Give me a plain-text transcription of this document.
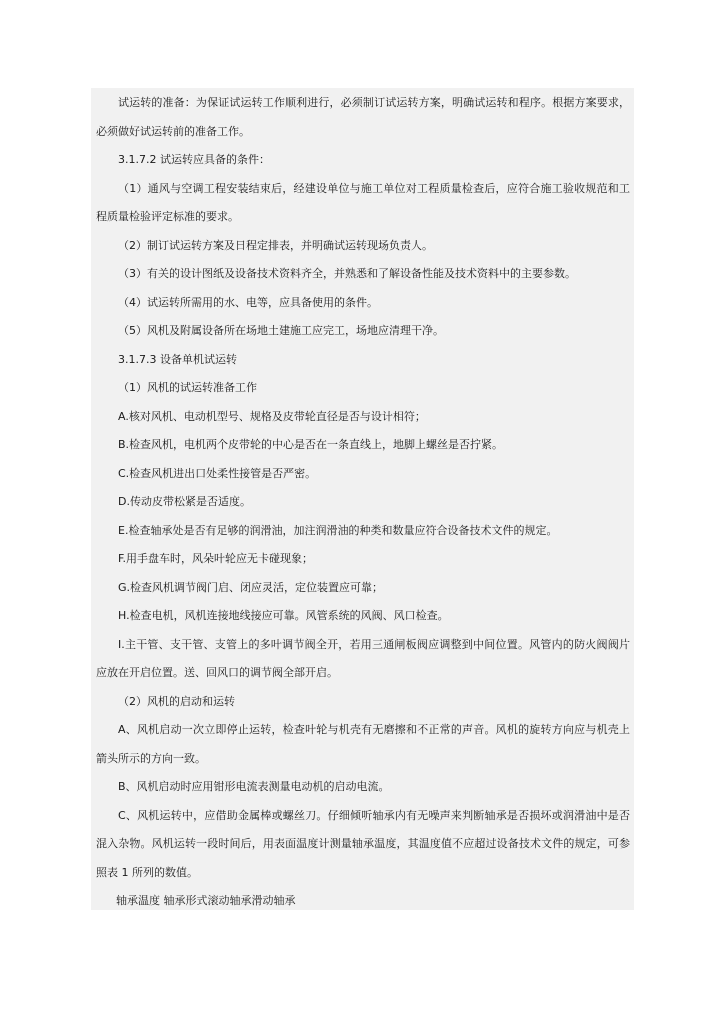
试运转的准备：为保证试运转工作顺利进行，必须制订试运转方案，明确试运转和程序。根据方案要求，必须做好试运转前的准备工作。

3.1.7.2 试运转应具备的条件：

（1）通风与空调工程安装结束后，经建设单位与施工单位对工程质量检查后，应符合施工验收规范和工程质量检验评定标准的要求。

（2）制订试运转方案及日程定排表，并明确试运转现场负责人。

（3）有关的设计图纸及设备技术资料齐全，并熟悉和了解设备性能及技术资料中的主要参数。

（4）试运转所需用的水、电等，应具备使用的条件。

（5）风机及附属设备所在场地土建施工应完工，场地应清理干净。

3.1.7.3 设备单机试运转

（1）风机的试运转准备工作

A.核对风机、电动机型号、规格及皮带轮直径是否与设计相符；

B.检查风机，电机两个皮带轮的中心是否在一条直线上，地脚上螺丝是否拧紧。

C.检查风机进出口处柔性接管是否严密。

D.传动皮带松紧是否适度。

E.检查轴承处是否有足够的润滑油，加注润滑油的种类和数量应符合设备技术文件的规定。

F.用手盘车时，风朵叶轮应无卡碰现象；

G.检查风机调节阀门启、闭应灵活，定位装置应可靠；

H.检查电机，风机连接地线接应可靠。风管系统的风阀、风口检查。

I.主干管、支干管、支管上的多叶调节阀全开，若用三通闸板阀应调整到中间位置。风管内的防火阀阀片应放在开启位置。送、回风口的调节阀全部开启。

（2）风机的启动和运转

A、风机启动一次立即停止运转，检查叶轮与机壳有无磨擦和不正常的声音。风机的旋转方向应与机壳上箭头所示的方向一致。

B、风机启动时应用钳形电流表测量电动机的启动电流。

C、风机运转中，应借助金属棒或螺丝刀。仔细倾听轴承内有无噪声来判断轴承是否损坏或润滑油中是否混入杂物。风机运转一段时间后，用表面温度计测量轴承温度，其温度值不应超过设备技术文件的规定，可参照表 1 所列的数值。

轴承温度 轴承形式滚动轴承滑动轴承
